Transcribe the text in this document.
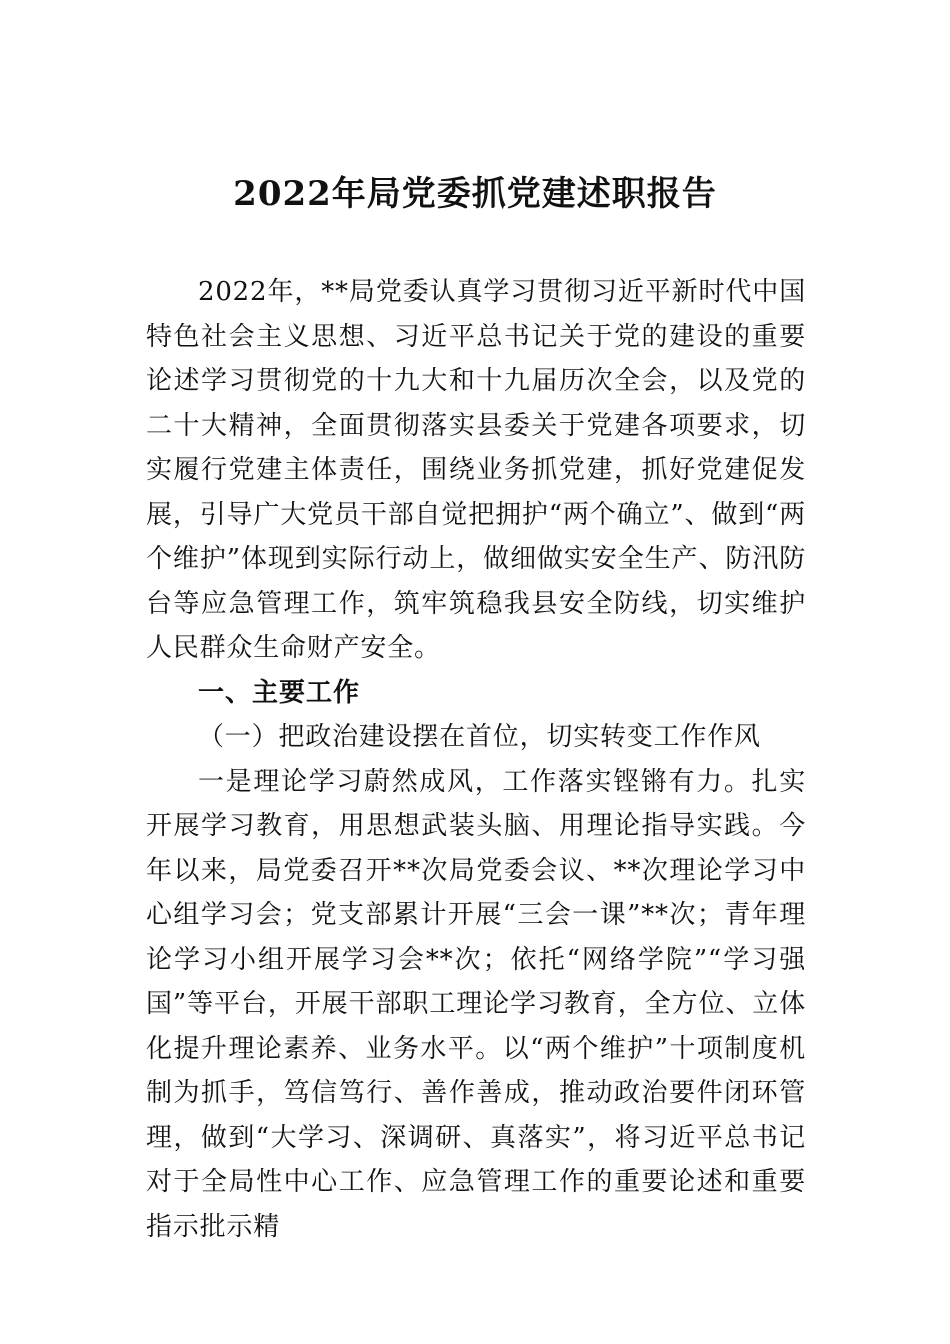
2022年局党委抓党建述职报告

2022年，**局党委认真学习贯彻习近平新时代中国特色社会主义思想、习近平总书记关于党的建设的重要论述学习贯彻党的十九大和十九届历次全会，以及党的二十大精神，全面贯彻落实县委关于党建各项要求，切实履行党建主体责任，围绕业务抓党建，抓好党建促发展，引导广大党员干部自觉把拥护“两个确立”、做到“两个维护”体现到实际行动上，做细做实安全生产、防汛防台等应急管理工作，筑牢筑稳我县安全防线，切实维护人民群众生命财产安全。

一、主要工作

（一）把政治建设摆在首位，切实转变工作作风

一是理论学习蔚然成风，工作落实铿锵有力。扎实开展学习教育，用思想武装头脑、用理论指导实践。今年以来，局党委召开**次局党委会议、**次理论学习中心组学习会；党支部累计开展“三会一课”**次；青年理论学习小组开展学习会**次；依托“网络学院”“学习强国”等平台，开展干部职工理论学习教育，全方位、立体化提升理论素养、业务水平。以“两个维护”十项制度机制为抓手，笃信笃行、善作善成，推动政治要件闭环管理，做到“大学习、深调研、真落实”，将习近平总书记对于全局性中心工作、应急管理工作的重要论述和重要指示批示精
